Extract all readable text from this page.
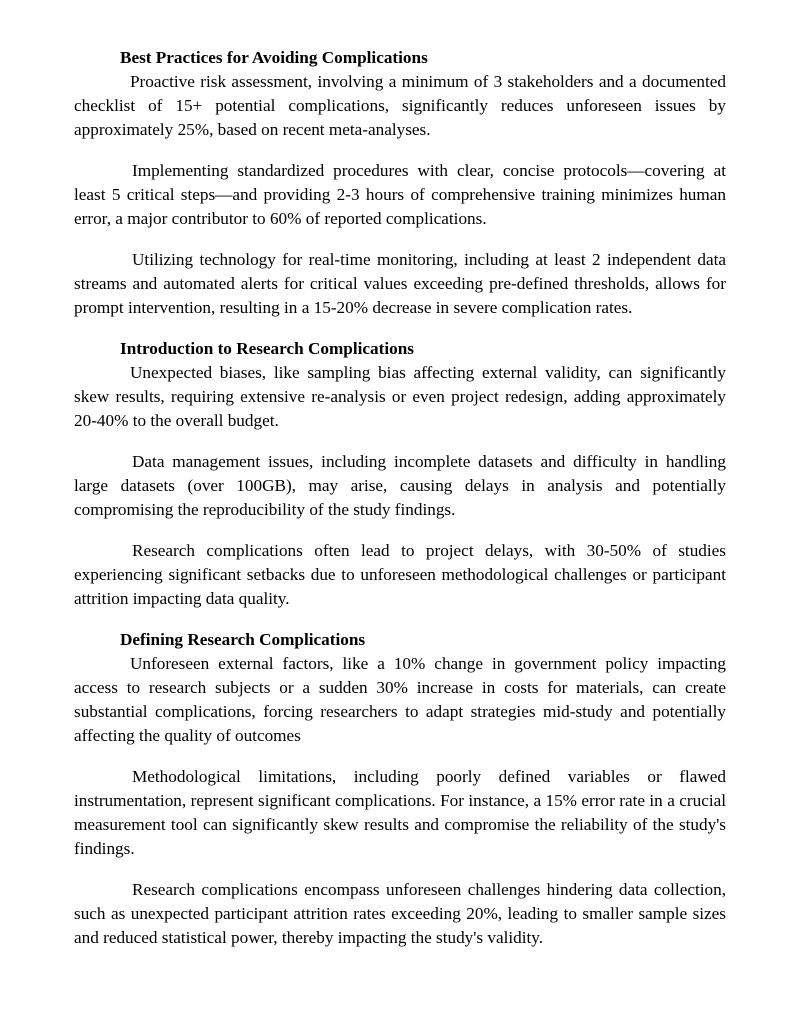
Best Practices for Avoiding Complications

Proactive risk assessment, involving a minimum of 3 stakeholders and a documented checklist of 15+ potential complications, significantly reduces unforeseen issues by approximately 25%, based on recent meta-analyses.

Implementing standardized procedures with clear, concise protocols—covering at least 5 critical steps—and providing 2-3 hours of comprehensive training minimizes human error, a major contributor to 60% of reported complications.

Utilizing technology for real-time monitoring, including at least 2 independent data streams and automated alerts for critical values exceeding pre-defined thresholds, allows for prompt intervention, resulting in a 15-20% decrease in severe complication rates.

Introduction to Research Complications

Unexpected biases, like sampling bias affecting external validity, can significantly skew results, requiring extensive re-analysis or even project redesign, adding approximately 20-40% to the overall budget.

Data management issues, including incomplete datasets and difficulty in handling large datasets (over 100GB), may arise, causing delays in analysis and potentially compromising the reproducibility of the study findings.

Research complications often lead to project delays, with 30-50% of studies experiencing significant setbacks due to unforeseen methodological challenges or participant attrition impacting data quality.

Defining Research Complications

Unforeseen external factors, like a 10% change in government policy impacting access to research subjects or a sudden 30% increase in costs for materials, can create substantial complications, forcing researchers to adapt strategies mid-study and potentially affecting the quality of outcomes

Methodological limitations, including poorly defined variables or flawed instrumentation, represent significant complications. For instance, a 15% error rate in a crucial measurement tool can significantly skew results and compromise the reliability of the study's findings.

Research complications encompass unforeseen challenges hindering data collection, such as unexpected participant attrition rates exceeding 20%, leading to smaller sample sizes and reduced statistical power, thereby impacting the study's validity.
